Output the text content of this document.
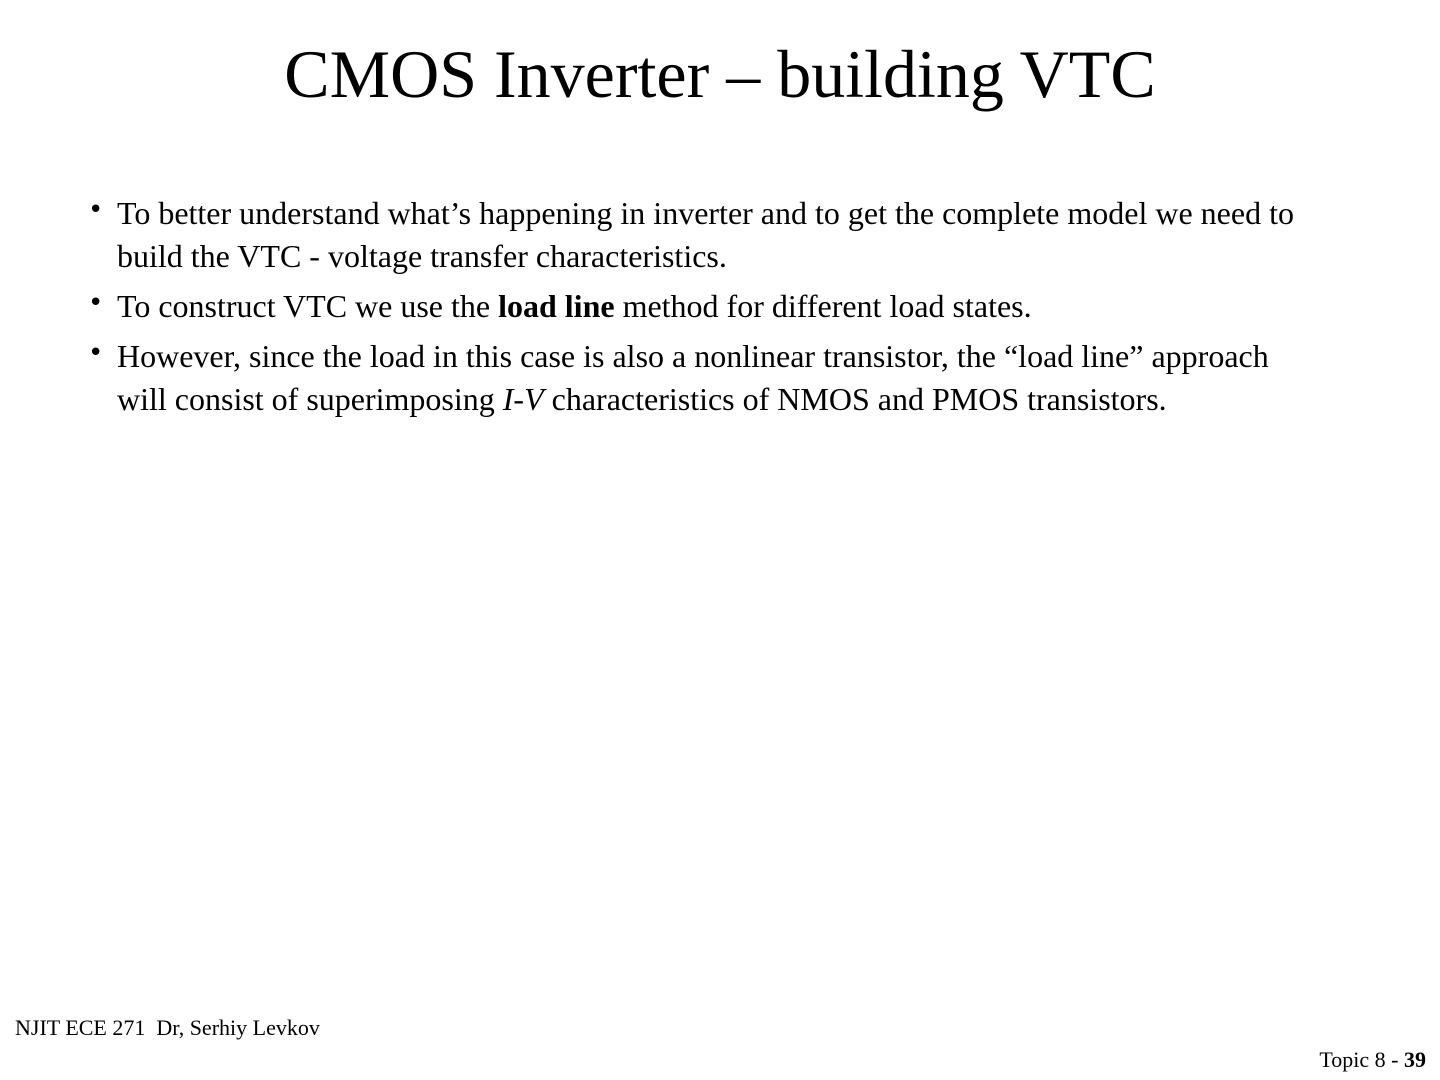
CMOS Inverter – building VTC
• To better understand what’s happening in inverter and to get the complete model we need to build the VTC - voltage transfer characteristics.
• To construct VTC we use the load line method for different load states.
• However, since the load in this case is also a nonlinear transistor, the “load line” approach will consist of superimposing I-V characteristics of NMOS and PMOS transistors.
NJIT ECE 271  Dr, Serhiy Levkov
Topic 8 - 39
